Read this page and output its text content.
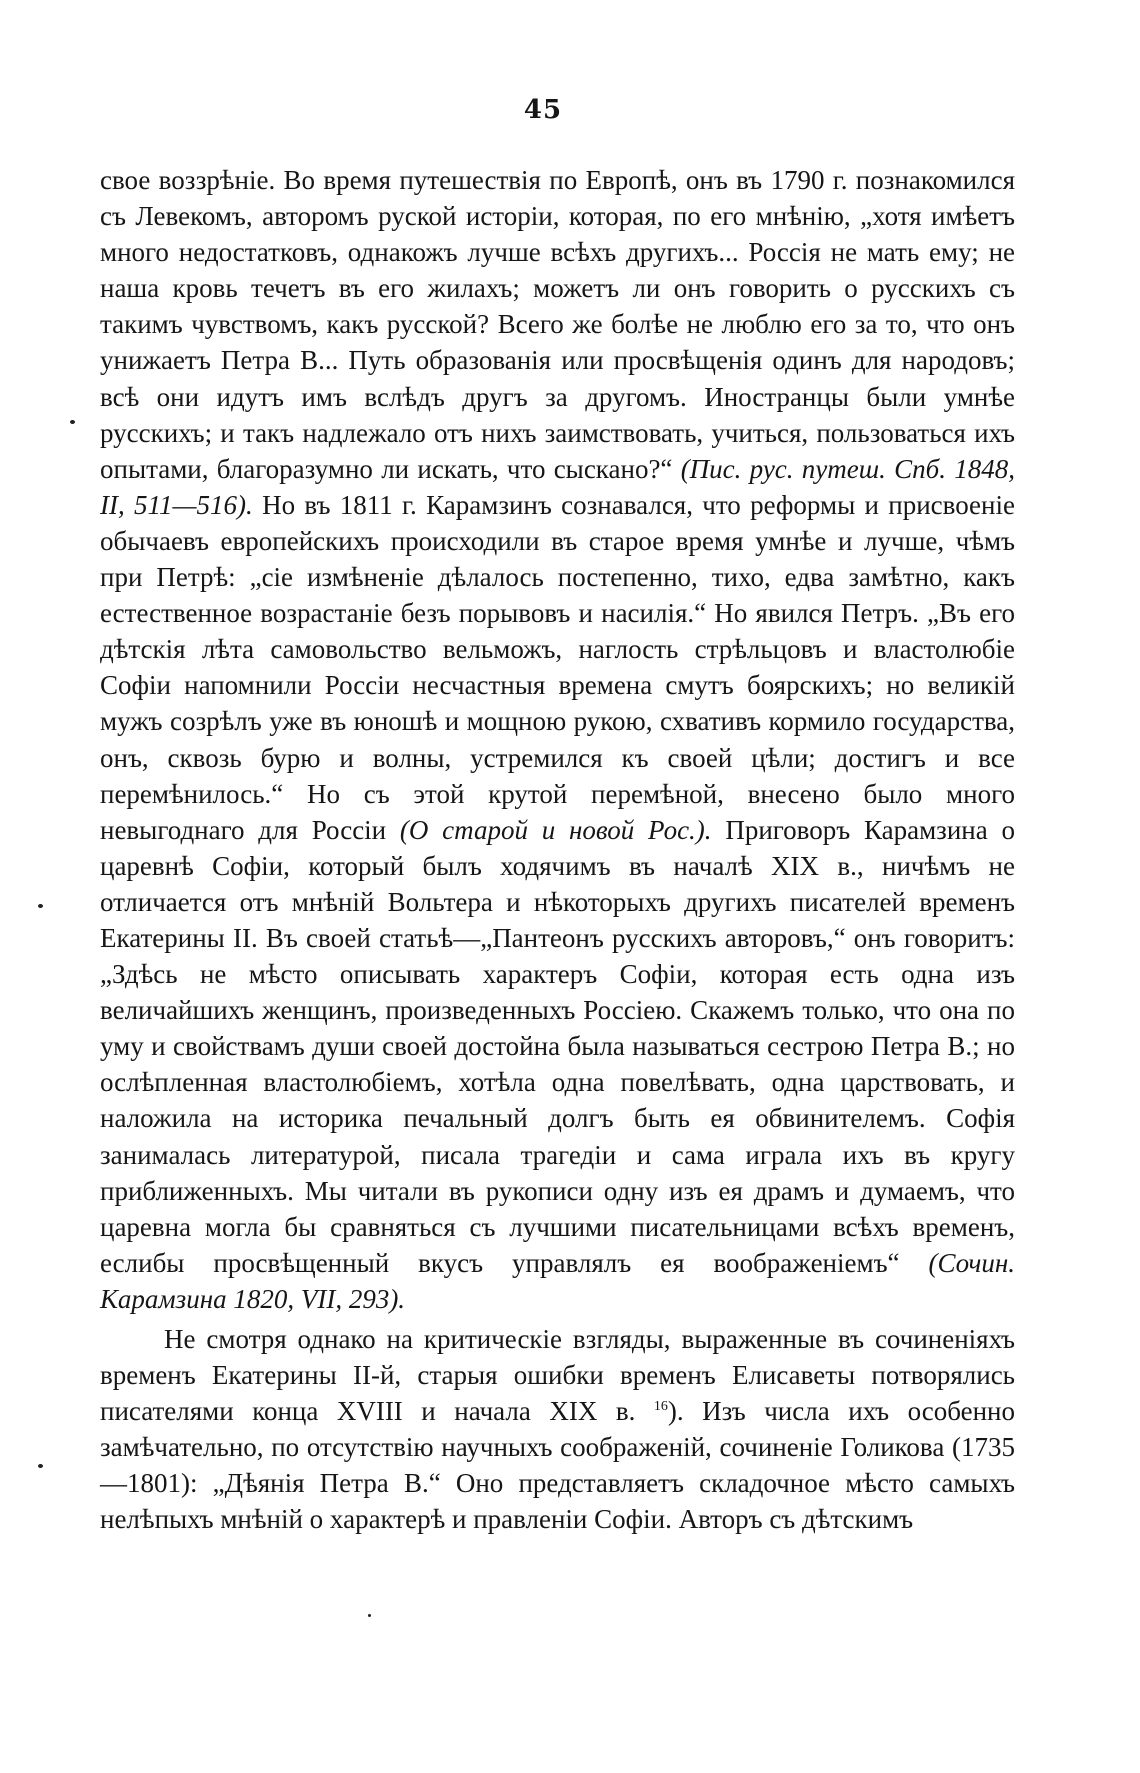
45

свое воззрѣніе. Во время путешествія по Европѣ, онъ въ 1790 г. познакомился съ Левекомъ, авторомъ руской исторіи, которая, по его мнѣнію, „хотя имѣетъ много недостатковъ, однакожъ лучше всѣхъ другихъ... Россія не мать ему; не наша кровь течетъ въ его жилахъ; можетъ ли онъ говорить о русскихъ съ такимъ чувствомъ, какъ русской? Всего же болѣе не люблю его за то, что онъ унижаетъ Петра В... Путь образованія или просвѣщенія одинъ для народовъ; всѣ они идутъ имъ вслѣдъ другъ за другомъ. Иностранцы были умнѣе русскихъ; и такъ надлежало отъ нихъ заимствовать, учиться, пользоваться ихъ опытами, благоразумно ли искать, что сыскано?“ (Пис. рус. путеш. Спб. 1848, II, 511—516). Но въ 1811 г. Карамзинъ сознавался, что реформы и присвоеніе обычаевъ европейскихъ происходили въ старое время умнѣе и лучше, чѣмъ при Петрѣ: „сіе измѣненіе дѣлалось постепенно, тихо, едва замѣтно, какъ естественное возрастаніе безъ порывовъ и насилія.“ Но явился Петръ. „Въ его дѣтскія лѣта самовольство вельможъ, наглость стрѣльцовъ и властолюбіе Софіи напомнили Россіи несчастныя времена смутъ боярскихъ; но великій мужъ созрѣлъ уже въ юношѣ и мощною рукою, схвативъ кормило государства, онъ, сквозь бурю и волны, устремился къ своей цѣли; достигъ и все перемѣнилось.“ Но съ этой крутой перемѣной, внесено было много невыгоднаго для Россіи (О старой и новой Рос.). Приговоръ Карамзина о царевнѣ Софіи, который былъ ходячимъ въ началѣ XIX в., ничѣмъ не отличается отъ мнѣній Вольтера и нѣкоторыхъ другихъ писателей временъ Екатерины II. Въ своей статьѣ—„Пантеонъ русскихъ авторовъ,“ онъ говоритъ: „Здѣсь не мѣсто описывать характеръ Софіи, которая есть одна изъ величайшихъ женщинъ, произведенныхъ Россіею. Скажемъ только, что она по уму и свойствамъ души своей достойна была называться сестрою Петра В.; но ослѣпленная властолюбіемъ, хотѣла одна повелѣвать, одна царствовать, и наложила на историка печальный долгъ быть ея обвинителемъ. Софія занималась литературой, писала трагедіи и сама играла ихъ въ кругу приближенныхъ. Мы читали въ рукописи одну изъ ея драмъ и думаемъ, что царевна могла бы сравняться съ лучшими писательницами всѣхъ временъ, еслибы просвѣщенный вкусъ управлялъ ея воображеніемъ“ (Сочин. Карамзина 1820, VII, 293).

Не смотря однако на критическіе взгляды, выраженные въ сочиненіяхъ временъ Екатерины II-й, старыя ошибки временъ Елисаветы потворялись писателями конца XVIII и начала XIX в. $^{16}$). Изъ числа ихъ особенно замѣчательно, по отсутствію научныхъ соображеній, сочиненіе Голикова (1735—1801): „Дѣянія Петра В.“ Оно представляетъ складочное мѣсто самыхъ нелѣпыхъ мнѣній о характерѣ и правленіи Софіи. Авторъ съ дѣтскимъ
